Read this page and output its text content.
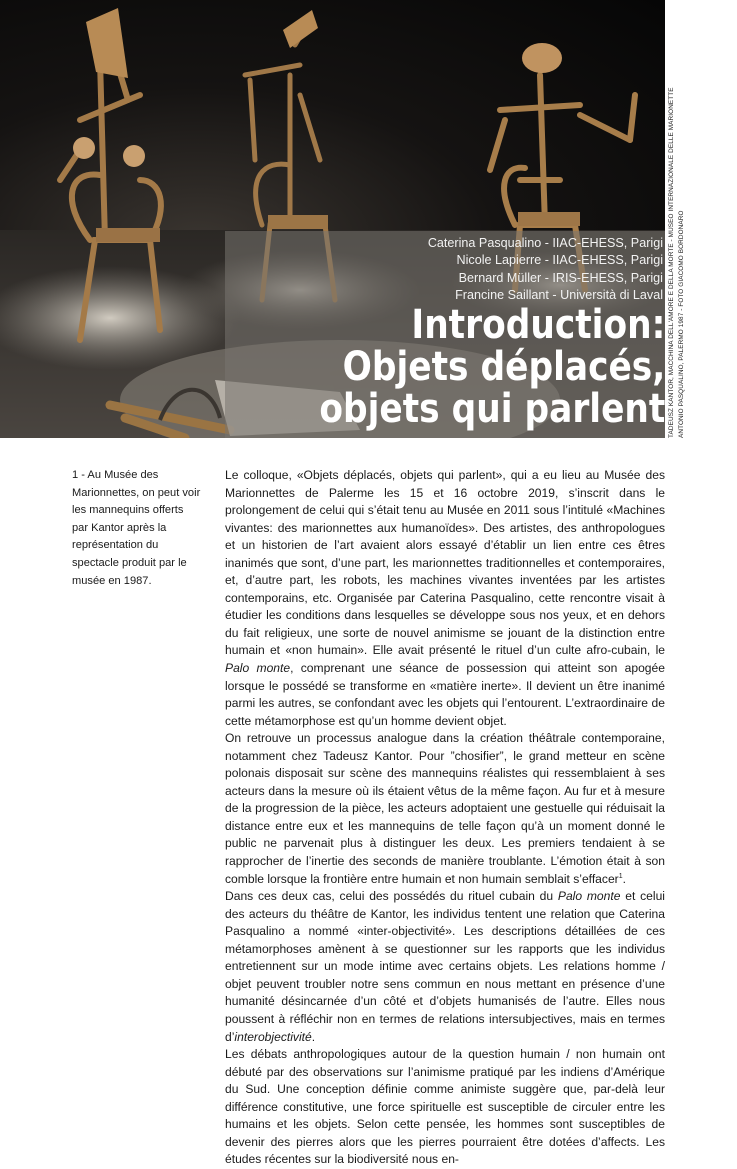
Caterina Pasqualino - IIAC-EHESS, Parigi
Nicole Lapierre - IIAC-EHESS, Parigi
Bernard Müller - IRIS-EHESS, Parigi
Francine Saillant - Università di Laval
Introduction:
Objets déplacés,
objets qui parlent TADEUSZ KANTOR, MACCHINA DELL'AMORE E DELLA MORTE - MUSEO INTERNAZIONALE DELLE MARIONETTE ANTONIO PASQUALINO, PALERMO 1987 - FOTO GIACOMO BORDONARO
1 - Au Musée des Marionnettes, on peut voir les mannequins offerts par Kantor après la représentation du spectacle produit par le musée en 1987.

Le colloque, «Objets déplacés, objets qui parlent», qui a eu lieu au Musée des Marionnettes de Palerme les 15 et 16 octobre 2019, s’inscrit dans le prolongement de celui qui s’était tenu au Musée en 2011 sous l’intitulé «Machines vivantes: des marionnettes aux humanoïdes». Des artistes, des anthropologues et un historien de l’art avaient alors essayé d’établir un lien entre ces êtres inanimés que sont, d’une part, les marionnettes traditionnelles et contemporaires, et, d’autre part, les robots, les machines vivantes inventées par les artistes contemporains, etc. Organisée par Caterina Pasqualino, cette rencontre visait à étudier les conditions dans lesquelles se développe sous nos yeux, et en dehors du fait religieux, une sorte de nouvel animisme se jouant de la distinction entre humain et «non humain». Elle avait présenté le rituel d’un culte afro-cubain, le Palo monte, comprenant une séance de possession qui atteint son apogée lorsque le possédé se transforme en «matière inerte». Il devient un être inanimé parmi les autres, se confondant avec les objets qui l’entourent. L’extraordinaire de cette métamorphose est qu’un homme devient objet.

On retrouve un processus analogue dans la création théâtrale contemporaine, notamment chez Tadeusz Kantor. Pour ”chosifier”, le grand metteur en scène polonais disposait sur scène des mannequins réalistes qui ressemblaient à ses acteurs dans la mesure où ils étaient vêtus de la même façon. Au fur et à mesure de la progression de la pièce, les acteurs adoptaient une gestuelle qui réduisait la distance entre eux et les mannequins de telle façon qu’à un moment donné le public ne parvenait plus à distinguer les deux. Les premiers tendaient à se rapprocher de l’inertie des seconds de manière troublante. L’émotion était à son comble lorsque la frontière entre humain et non humain semblait s’effacer$^1$.

Dans ces deux cas, celui des possédés du rituel cubain du Palo monte et celui des acteurs du théâtre de Kantor, les individus tentent une relation que Caterina Pasqualino a nommé «inter-objectivité». Les descriptions détaillées de ces métamorphoses amènent à se questionner sur les rapports que les individus entretiennent sur un mode intime avec certains objets. Les relations homme / objet peuvent troubler notre sens commun en nous mettant en présence d’une humanité désincarnée d’un côté et d’objets humanisés de l’autre. Elles nous poussent à réfléchir non en termes de relations intersubjectives, mais en termes d’interobjectivité.

Les débats anthropologiques autour de la question humain / non humain ont débuté par des observations sur l’animisme pratiqué par les indiens d’Amérique du Sud. Une conception définie comme animiste suggère que, par-delà leur différence constitutive, une force spirituelle est susceptible de circuler entre les humains et les objets. Selon cette pensée, les hommes sont susceptibles de devenir des pierres alors que les pierres pourraient être dotées d’affects. Les études récentes sur la biodiversité nous en-
